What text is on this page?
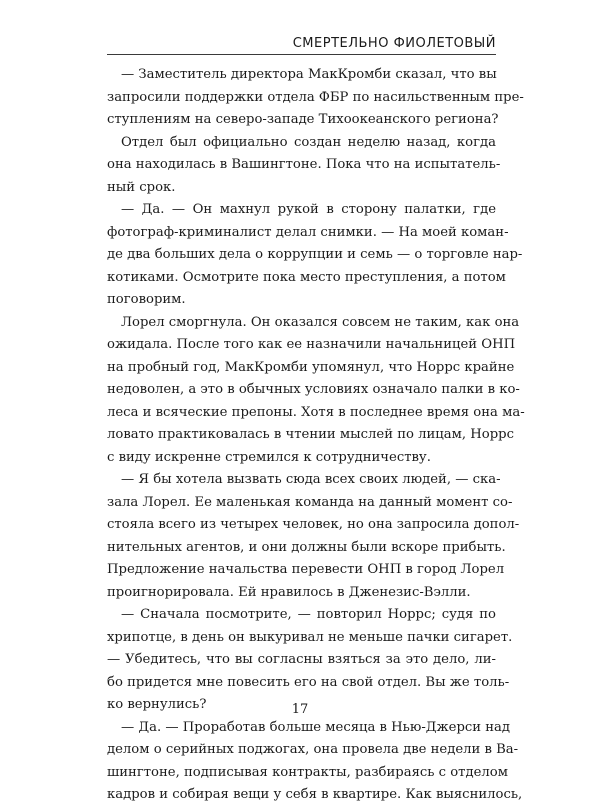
СМЕРТЕЛЬНО ФИОЛЕТОВЫЙ
— Заместитель директора МакКромби сказал, что вы
запросили поддержки отдела ФБР по насильственным пре-
ступлениям на северо-западе Тихоокеанского региона?
Отдел был официально создан неделю назад, когда
она находилась в Вашингтоне. Пока что на испытатель-
ный срок.
— Да. — Он махнул рукой в сторону палатки, где
фотограф-криминалист делал снимки. — На моей коман-
де два больших дела о коррупции и семь — о торговле нар-
котиками. Осмотрите пока место преступления, а потом
поговорим.
Лорел сморгнула. Он оказался совсем не таким, как она
ожидала. После того как ее назначили начальницей ОНП
на пробный год, МакКромби упомянул, что Норрс крайне
недоволен, а это в обычных условиях означало палки в ко-
леса и всяческие препоны. Хотя в последнее время она ма-
ловато практиковалась в чтении мыслей по лицам, Норрс
с виду искренне стремился к сотрудничеству.
— Я бы хотела вызвать сюда всех своих людей, — ска-
зала Лорел. Ее маленькая команда на данный момент со-
стояла всего из четырех человек, но она запросила допол-
нительных агентов, и они должны были вскоре прибыть.
Предложение начальства перевести ОНП в город Лорел
проигнорировала. Ей нравилось в Дженезис-Вэлли.
— Сначала посмотрите, — повторил Норрс; судя по
хрипотце, в день он выкуривал не меньше пачки сигарет.
— Убедитесь, что вы согласны взяться за это дело, ли-
бо придется мне повесить его на свой отдел. Вы же толь-
ко вернулись?
— Да. — Проработав больше месяца в Нью-Джерси над
делом о серийных поджогах, она провела две недели в Ва-
шингтоне, подписывая контракты, разбираясь с отделом
кадров и собирая вещи у себя в квартире. Как выяснилось,
17
